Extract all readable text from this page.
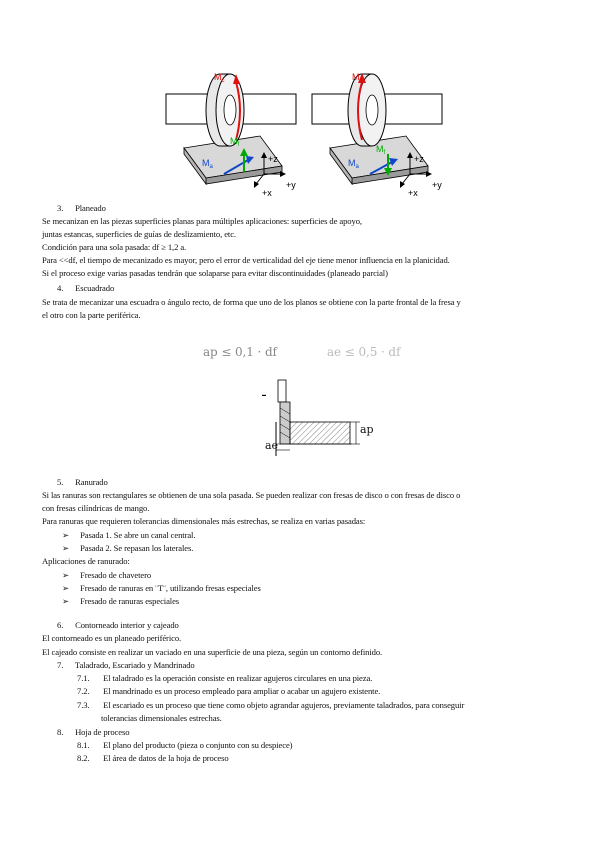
$M_c$
$M_f$
$M_a$
+z
+y
+x
$M_c$
$M_f$
$M_a$
+z
+y
+x
3. Planeado
Se mecanizan en las piezas superficies planas para múltiples aplicaciones: superficies de apoyo,
juntas estancas, superficies de guías de deslizamiento, etc.
Condición para una sola pasada: df ≥ 1,2 a.
Para <<df, el tiempo de mecanizado es mayor, pero el error de verticalidad del eje tiene menor influencia en la planicidad.
Si el proceso exige varias pasadas tendrán que solaparse para evitar discontinuidades (planeado parcial)
4. Escuadrado
Se trata de mecanizar una escuadra o ángulo recto, de forma que uno de los planos se obtiene con la parte frontal de la fresa y
el otro con la parte periférica.
ap ≤ 0,1 · df	ae ≤ 0,5 · df
▬
ap
ae
5. Ranurado
Si las ranuras son rectangulares se obtienen de una sola pasada. Se pueden realizar con fresas de disco o con fresas de disco o
con fresas cilíndricas de mango.
Para ranuras que requieren tolerancias dimensionales más estrechas, se realiza en varias pasadas:
➢ Pasada 1. Se abre un canal central.
➢ Pasada 2. Se repasan los laterales.
Aplicaciones de ranurado:
➢ Fresado de chavetero
➢ Fresado de ranuras en ¨T¨, utilizando fresas especiales
➢ Fresado de ranuras especiales
6. Contorneado interior y cajeado
El contorneado es un planeado periférico.
El cajeado consiste en realizar un vaciado en una superficie de una pieza, según un contorno definido.
7. Taladrado, Escariado y Mandrinado
7.1. El taladrado es la operación consiste en realizar agujeros circulares en una pieza.
7.2. El mandrinado es un proceso empleado para ampliar o acabar un agujero existente.
7.3. El escariado es un proceso que tiene como objeto agrandar agujeros, previamente taladrados, para conseguir
tolerancias dimensionales estrechas.
8. Hoja de proceso
8.1. El plano del producto (pieza o conjunto con su despiece)
8.2. El área de datos de la hoja de proceso
